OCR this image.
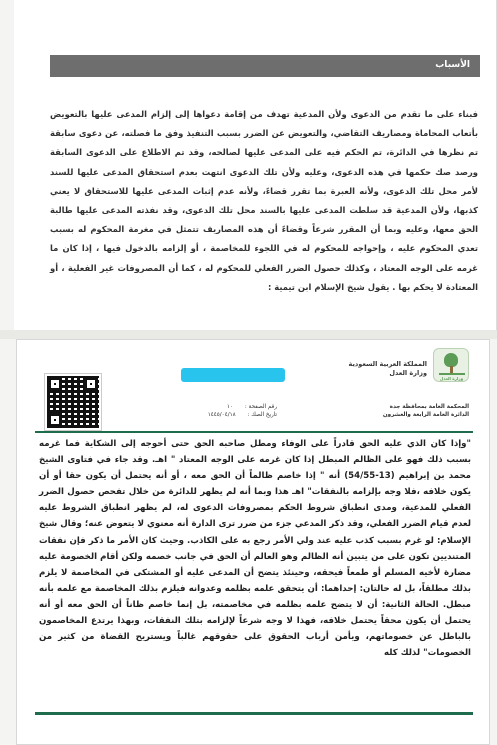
الأسباب

فبناء على ما تقدم من الدعوى ولأن المدعية تهدف من إقامة دعواها إلى إلزام المدعى عليها بالتعويض بأتعاب المحاماة ومصاريف التقاضي، والتعويض عن الضرر بسبب التنفيذ وفق ما فصلته، عن دعوى سابقة تم نظرها في الدائرة، تم الحكم فيه على المدعى عليها لصالحه، وقد تم الاطلاع على الدعوى السابقة ورصد صك حكمها في هذه الدعوى، وعليه ولأن تلك الدعوى انتهت بعدم استحقاق المدعى عليها للسند لأمر محل تلك الدعوى، ولأنه العبرة بما تقرر قضاءً، ولأنه عدم إثبات المدعى عليها للاستحقاق لا يعني كذبها، ولأن المدعية قد سلطت المدعى عليها بالسند محل تلك الدعوى، وقد نفذته المدعى عليها طالبة الحق معها، وعليه وبما أن المقرر شرعاً وقضاءً أن هذه المصاريف تتمثل في مغرمة المحكوم له بسبب تعدي المحكوم عليه ، وإحواجه للمحكوم له في اللجوء للمخاصمة ، أو إلزامه بالدخول فيها ، إذا كان ما غرمه على الوجه المعتاد ، وكذلك حصول الضرر الفعلي للمحكوم له ، كما أن المصروفات غير الفعلية ، أو المعتادة لا يحكم بها . يقول شيخ الإسلام ابن تيمية :

وزارة العدل
المملكة العربية السعودية
وزارة العدل
المحكمة العامة بمحافظة جدة
الدائرة العامة الرابعة والعشرون
رقم الصفحة :
١٠
تاريخ الصك :
١٤٤٥/٠٤/١٨

"وإذا كان الذي عليه الحق قادراً على الوفاء ومطل صاحبه الحق حتى أحوجه إلى الشكاية فما غرمه بسبب ذلك فهو على الظالم المبطل إذا كان غرمه على الوجه المعتاد " اهـ. وقد جاء في فتاوى الشيخ محمد بن إبراهيم (13-54/55) أنه " إذا خاصم ظالماً أن الحق معه ، أو أنه يحتمل أن يكون حقا أو أن يكون خلافه ،فلا وجه بإلزامه بالنفقات" اهـ هذا وبما أنه لم يظهر للدائرة من خلال تفحص حصول الضرر الفعلي للمدعية، ومدى انطباق شروط الحكم بمصروفات الدعوى له، لم يظهر انطباق الشروط عليه لعدم قيام الضرر الفعلي، وقد ذكر المدعي جزء من ضرر ترى الدارة أنه معنوي لا يتعوض عنه؛ وقال شيخ الإسلام: لو غرم بسبب كذب عليه عند ولي الأمر رجع به على الكاذب. وحيث كان الأمر ما ذكر فإن نفقات المتنديين تكون على من يتبين أنه الظالم وهو العالم أن الحق في جانب خصمه ولكن أقام الخصومة عليه مضارة لأخيه المسلم أو طمعاً فيحقه، وحينئذ يتضح أن المدعى عليه أو المشتكى في المخاصمة لا يلزم بذلك مطلقاً، بل له حالتان: إحداهما: أن يتحقق علمه بظلمه وعدوانه فيلزم بذلك المخاصمة مع علمه بأنه مبطل. الحالة الثانية: أن لا يتضح علمه بظلمه في مخاصمته، بل إنما خاصم ظاناً أن الحق معه أو أنه يحتمل أن يكون محقاً يحتمل خلافه، فهذا لا وجه شرعاً لإلزامه بتلك النفقات، وبهذا يرتدع المخاصمون بالباطل عن خصوماتهم، ويأمن أرباب الحقوق على حقوقهم غالباً ويستريح القضاة من كثير من الخصومات" لذلك كله
